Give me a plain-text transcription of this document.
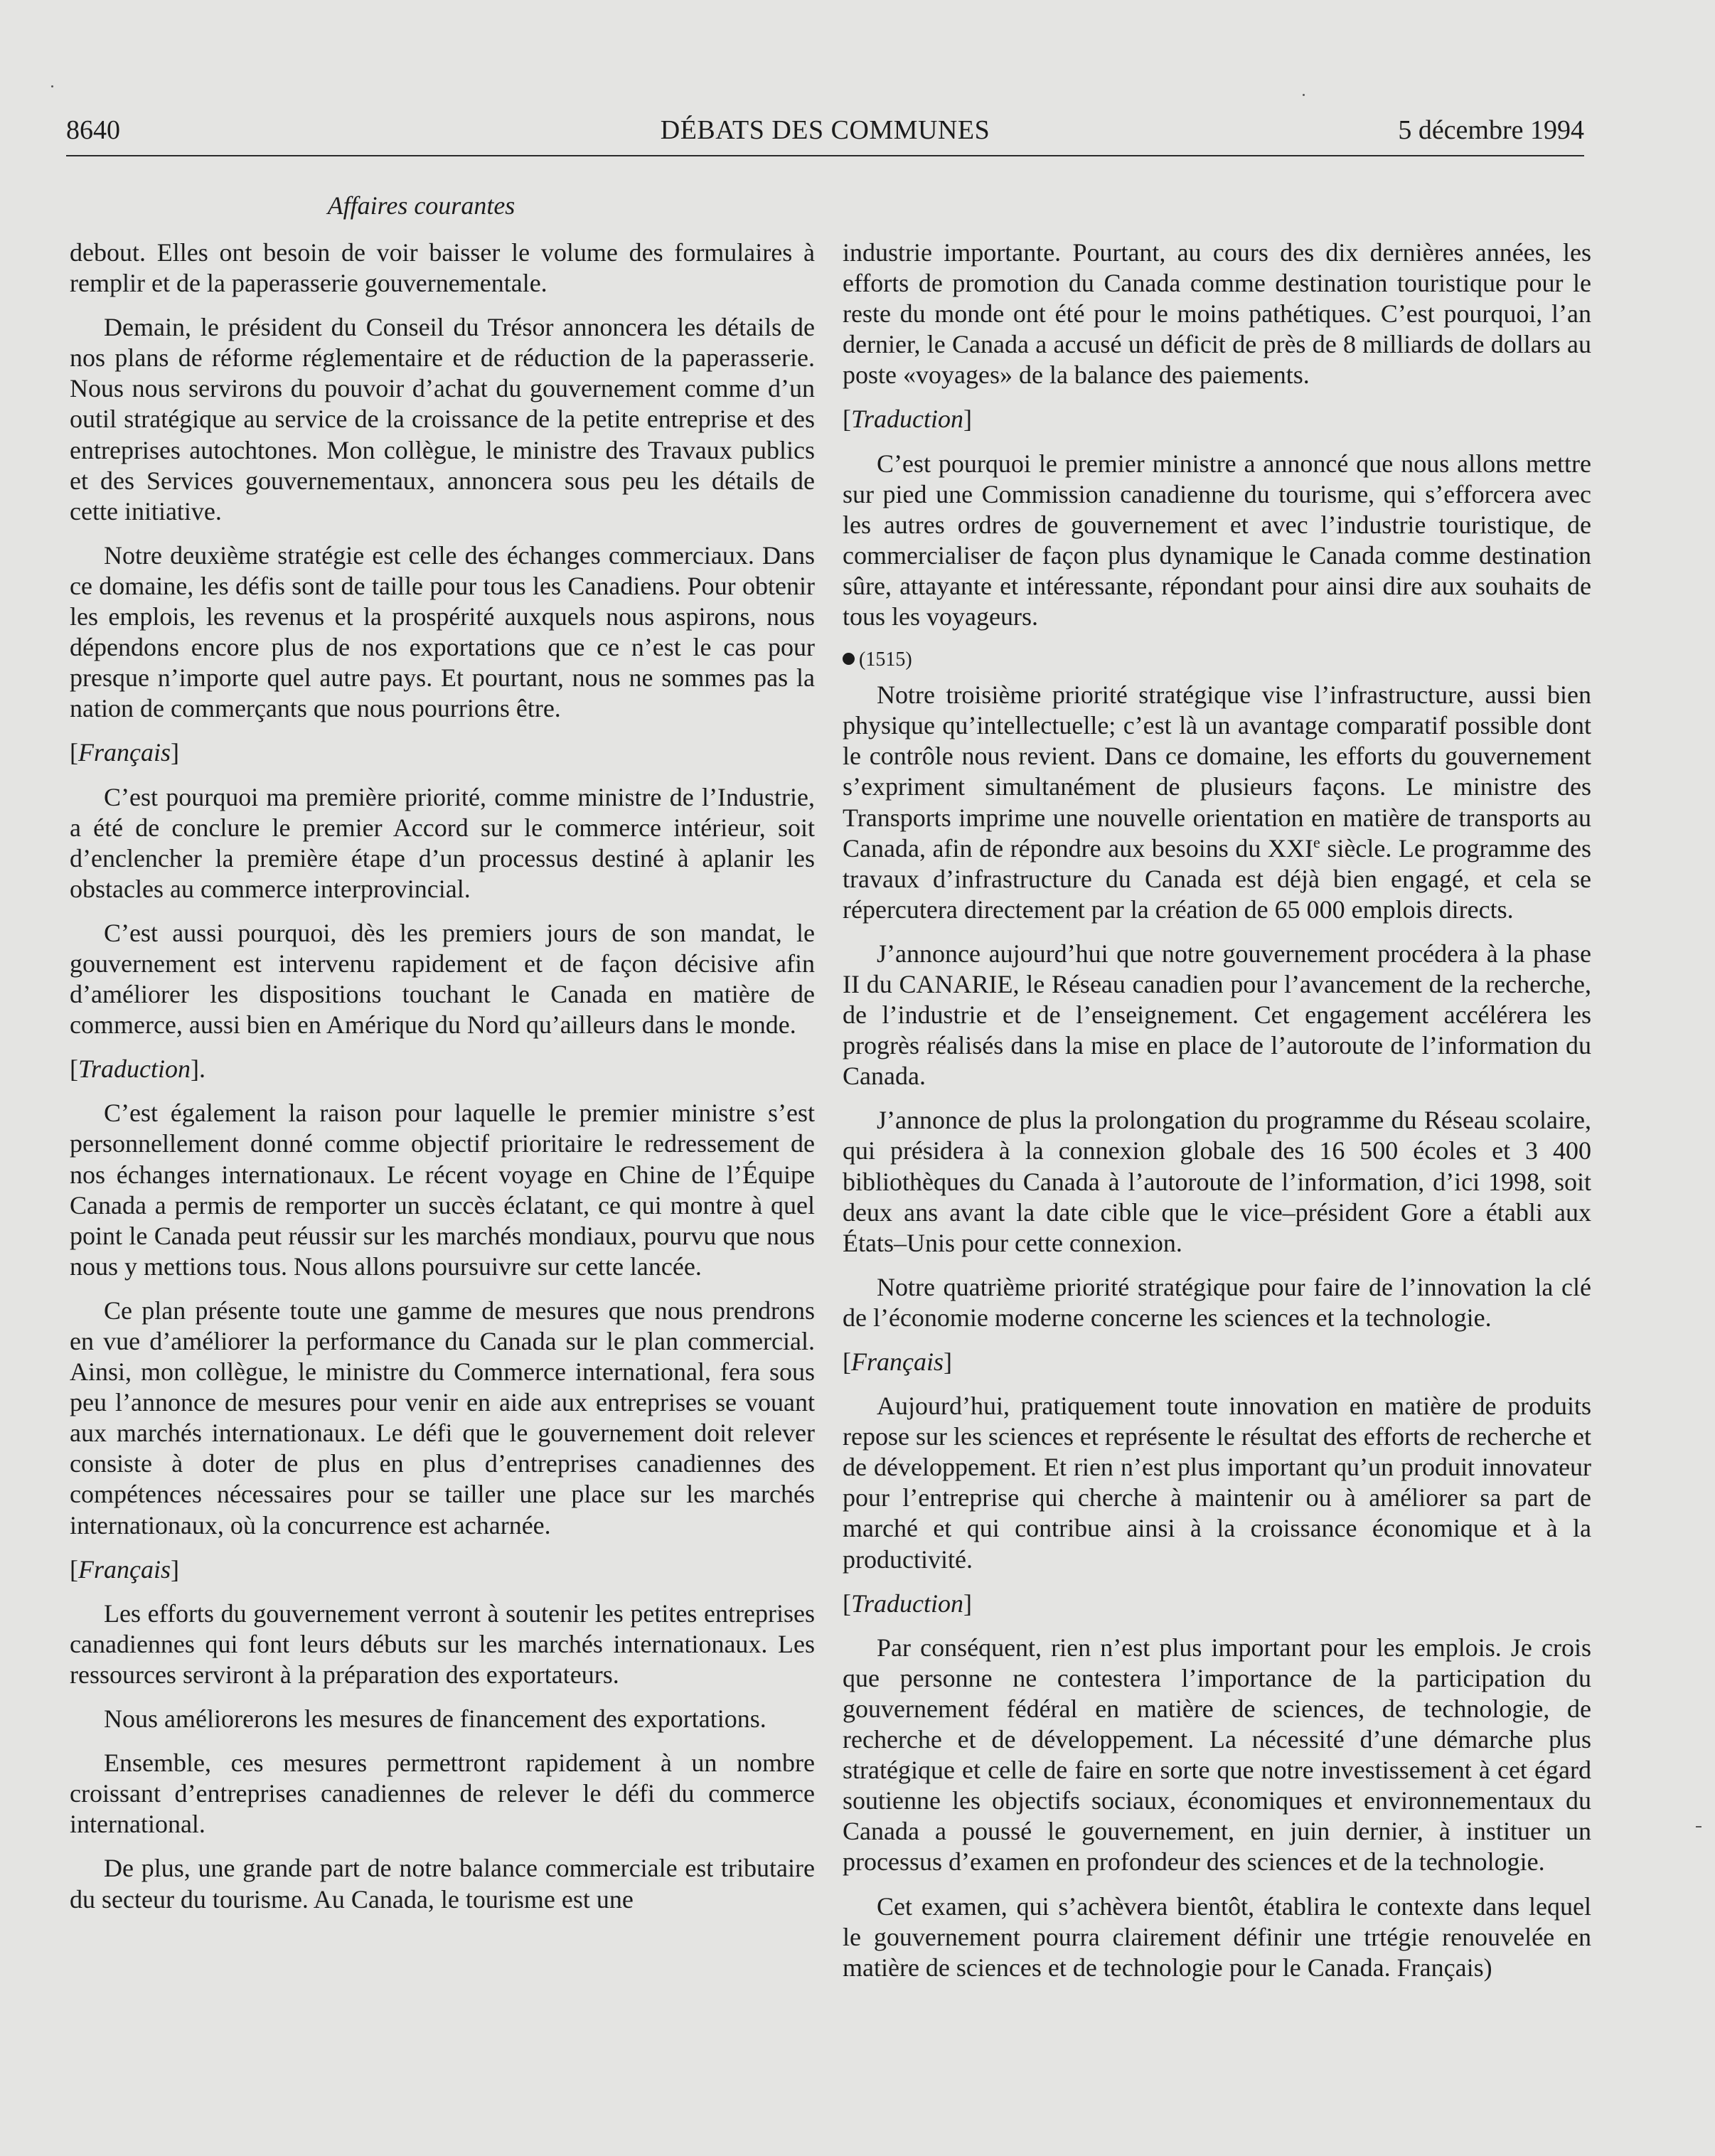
DÉBATS DES COMMUNES
8640	5 décembre 1994
Affaires courantes

debout. Elles ont besoin de voir baisser le volume des formulaires à remplir et de la paperasserie gouvernementale.

Demain, le président du Conseil du Trésor annoncera les détails de nos plans de réforme réglementaire et de réduction de la paperasserie. Nous nous servirons du pouvoir d’achat du gouvernement comme d’un outil stratégique au service de la croissance de la petite entreprise et des entreprises autochtones. Mon collègue, le ministre des Travaux publics et des Services gouvernementaux, annoncera sous peu les détails de cette initiative.

Notre deuxième stratégie est celle des échanges commerciaux. Dans ce domaine, les défis sont de taille pour tous les Canadiens. Pour obtenir les emplois, les revenus et la prospérité auxquels nous aspirons, nous dépendons encore plus de nos exportations que ce n’est le cas pour presque n’importe quel autre pays. Et pourtant, nous ne sommes pas la nation de commerçants que nous pourrions être.

[Français]

C’est pourquoi ma première priorité, comme ministre de l’Industrie, a été de conclure le premier Accord sur le commerce intérieur, soit d’enclencher la première étape d’un processus destiné à aplanir les obstacles au commerce interprovincial.

C’est aussi pourquoi, dès les premiers jours de son mandat, le gouvernement est intervenu rapidement et de façon décisive afin d’améliorer les dispositions touchant le Canada en matière de commerce, aussi bien en Amérique du Nord qu’ailleurs dans le monde.

[Traduction].

C’est également la raison pour laquelle le premier ministre s’est personnellement donné comme objectif prioritaire le redressement de nos échanges internationaux. Le récent voyage en Chine de l’Équipe Canada a permis de remporter un succès éclatant, ce qui montre à quel point le Canada peut réussir sur les marchés mondiaux, pourvu que nous nous y mettions tous. Nous allons poursuivre sur cette lancée.

Ce plan présente toute une gamme de mesures que nous prendrons en vue d’améliorer la performance du Canada sur le plan commercial. Ainsi, mon collègue, le ministre du Commerce international, fera sous peu l’annonce de mesures pour venir en aide aux entreprises se vouant aux marchés internationaux. Le défi que le gouvernement doit relever consiste à doter de plus en plus d’entreprises canadiennes des compétences nécessaires pour se tailler une place sur les marchés internationaux, où la concurrence est acharnée.

[Français]

Les efforts du gouvernement verront à soutenir les petites entreprises canadiennes qui font leurs débuts sur les marchés internationaux. Les ressources serviront à la préparation des exportateurs.

Nous améliorerons les mesures de financement des exportations.

Ensemble, ces mesures permettront rapidement à un nombre croissant d’entreprises canadiennes de relever le défi du commerce international.

De plus, une grande part de notre balance commerciale est tributaire du secteur du tourisme. Au Canada, le tourisme est une

industrie importante. Pourtant, au cours des dix dernières années, les efforts de promotion du Canada comme destination touristique pour le reste du monde ont été pour le moins pathétiques. C’est pourquoi, l’an dernier, le Canada a accusé un déficit de près de 8 milliards de dollars au poste «voyages» de la balance des paiements.

[Traduction]

C’est pourquoi le premier ministre a annoncé que nous allons mettre sur pied une Commission canadienne du tourisme, qui s’efforcera avec les autres ordres de gouvernement et avec l’industrie touristique, de commercialiser de façon plus dynamique le Canada comme destination sûre, attayante et intéressante, répondant pour ainsi dire aux souhaits de tous les voyageurs.

(1515)

Notre troisième priorité stratégique vise l’infrastructure, aussi bien physique qu’intellectuelle; c’est là un avantage comparatif possible dont le contrôle nous revient. Dans ce domaine, les efforts du gouvernement s’expriment simultanément de plusieurs façons. Le ministre des Transports imprime une nouvelle orientation en matière de transports au Canada, afin de répondre aux besoins du XXIe siècle. Le programme des travaux d’infrastructure du Canada est déjà bien engagé, et cela se répercutera directement par la création de 65 000 emplois directs.

J’annonce aujourd’hui que notre gouvernement procédera à la phase II du CANARIE, le Réseau canadien pour l’avancement de la recherche, de l’industrie et de l’enseignement. Cet engagement accélérera les progrès réalisés dans la mise en place de l’autoroute de l’information du Canada.

J’annonce de plus la prolongation du programme du Réseau scolaire, qui présidera à la connexion globale des 16 500 écoles et 3 400 bibliothèques du Canada à l’autoroute de l’information, d’ici 1998, soit deux ans avant la date cible que le vice–président Gore a établi aux États–Unis pour cette connexion.

Notre quatrième priorité stratégique pour faire de l’innovation la clé de l’économie moderne concerne les sciences et la technologie.

[Français]

Aujourd’hui, pratiquement toute innovation en matière de produits repose sur les sciences et représente le résultat des efforts de recherche et de développement. Et rien n’est plus important qu’un produit innovateur pour l’entreprise qui cherche à maintenir ou à améliorer sa part de marché et qui contribue ainsi à la croissance économique et à la productivité.

[Traduction]

Par conséquent, rien n’est plus important pour les emplois. Je crois que personne ne contestera l’importance de la participation du gouvernement fédéral en matière de sciences, de technologie, de recherche et de développement. La nécessité d’une démarche plus stratégique et celle de faire en sorte que notre investissement à cet égard soutienne les objectifs sociaux, économiques et environnementaux du Canada a poussé le gouvernement, en juin dernier, à instituer un processus d’examen en profondeur des sciences et de la technologie.

Cet examen, qui s’achèvera bientôt, établira le contexte dans lequel le gouvernement pourra clairement définir une trtégie renouvelée en matière de sciences et de technologie pour le Canada. Français)
